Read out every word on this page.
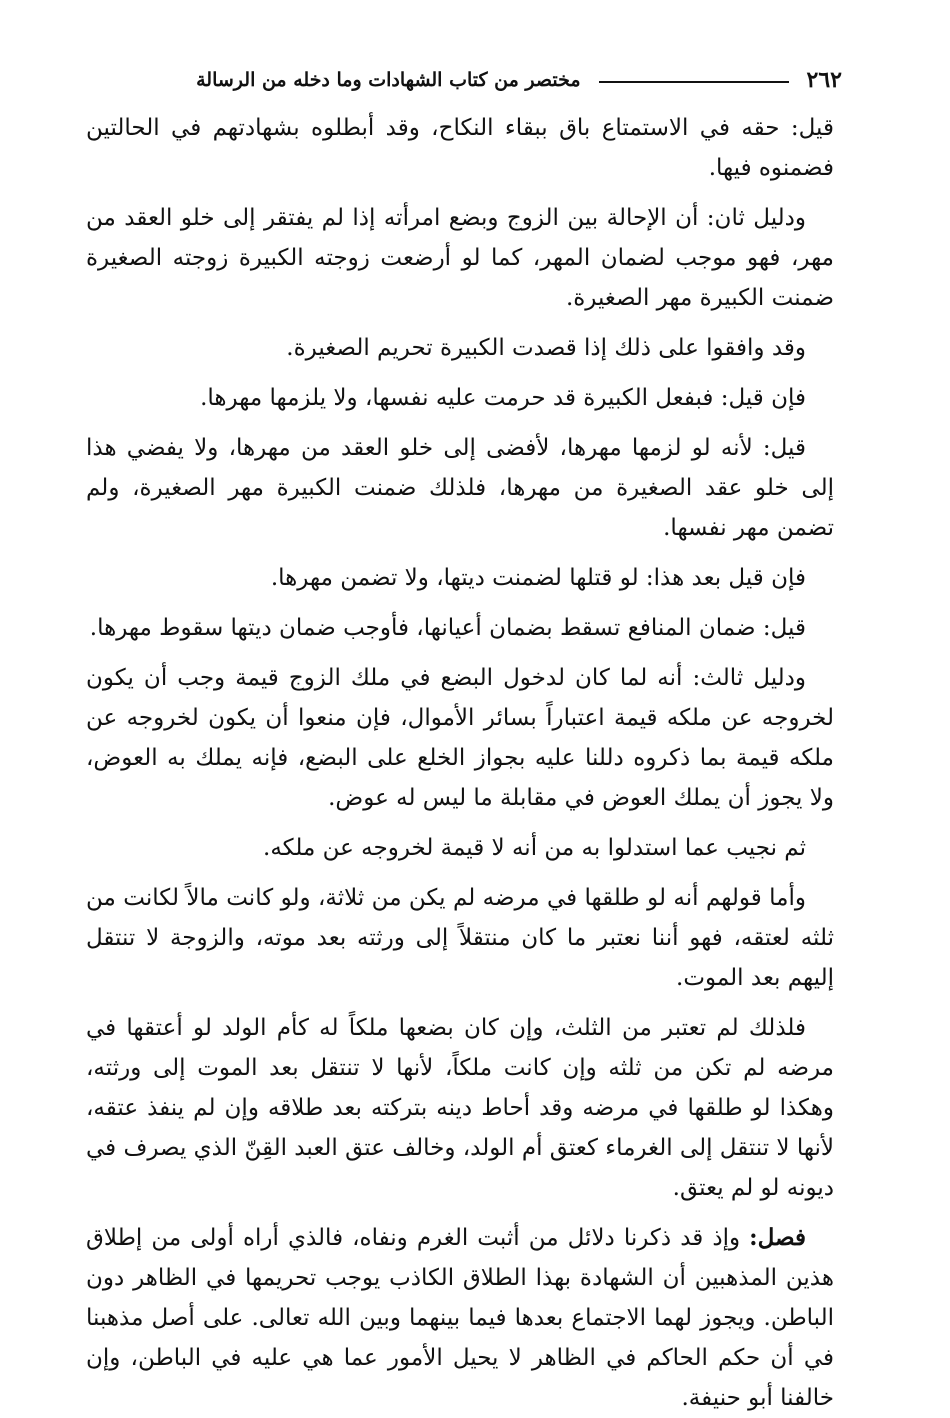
٢٦٢
مختصر من كتاب الشهادات وما دخله من الرسالة

قيل: حقه في الاستمتاع باق ببقاء النكاح، وقد أبطلوه بشهادتهم في الحالتين فضمنوه فيها.

ودليل ثان: أن الإحالة بين الزوج وبضع امرأته إذا لم يفتقر إلى خلو العقد من مهر، فهو موجب لضمان المهر، كما لو أرضعت زوجته الكبيرة زوجته الصغيرة ضمنت الكبيرة مهر الصغيرة.

وقد وافقوا على ذلك إذا قصدت الكبيرة تحريم الصغيرة.

فإن قيل: فبفعل الكبيرة قد حرمت عليه نفسها، ولا يلزمها مهرها.

قيل: لأنه لو لزمها مهرها، لأفضى إلى خلو العقد من مهرها، ولا يفضي هذا إلى خلو عقد الصغيرة من مهرها، فلذلك ضمنت الكبيرة مهر الصغيرة، ولم تضمن مهر نفسها.

فإن قيل بعد هذا: لو قتلها لضمنت ديتها، ولا تضمن مهرها.

قيل: ضمان المنافع تسقط بضمان أعيانها، فأوجب ضمان ديتها سقوط مهرها.

ودليل ثالث: أنه لما كان لدخول البضع في ملك الزوج قيمة وجب أن يكون لخروجه عن ملكه قيمة اعتباراً بسائر الأموال، فإن منعوا أن يكون لخروجه عن ملكه قيمة بما ذكروه دللنا عليه بجواز الخلع على البضع، فإنه يملك به العوض، ولا يجوز أن يملك العوض في مقابلة ما ليس له عوض.

ثم نجيب عما استدلوا به من أنه لا قيمة لخروجه عن ملكه.

وأما قولهم أنه لو طلقها في مرضه لم يكن من ثلاثة، ولو كانت مالاً لكانت من ثلثه لعتقه، فهو أننا نعتبر ما كان منتقلاً إلى ورثته بعد موته، والزوجة لا تنتقل إليهم بعد الموت.

فلذلك لم تعتبر من الثلث، وإن كان بضعها ملكاً له كأم الولد لو أعتقها في مرضه لم تكن من ثلثه وإن كانت ملكاً، لأنها لا تنتقل بعد الموت إلى ورثته، وهكذا لو طلقها في مرضه وقد أحاط دينه بتركته بعد طلاقه وإن لم ينفذ عتقه، لأنها لا تنتقل إلى الغرماء كعتق أم الولد، وخالف عتق العبد القِنّ الذي يصرف في ديونه لو لم يعتق.

فصل: وإذ قد ذكرنا دلائل من أثبت الغرم ونفاه، فالذي أراه أولى من إطلاق هذين المذهبين أن الشهادة بهذا الطلاق الكاذب يوجب تحريمها في الظاهر دون الباطن. ويجوز لهما الاجتماع بعدها فيما بينهما وبين الله تعالى. على أصل مذهبنا في أن حكم الحاكم في الظاهر لا يحيل الأمور عما هي عليه في الباطن، وإن خالفنا أبو حنيفة.
